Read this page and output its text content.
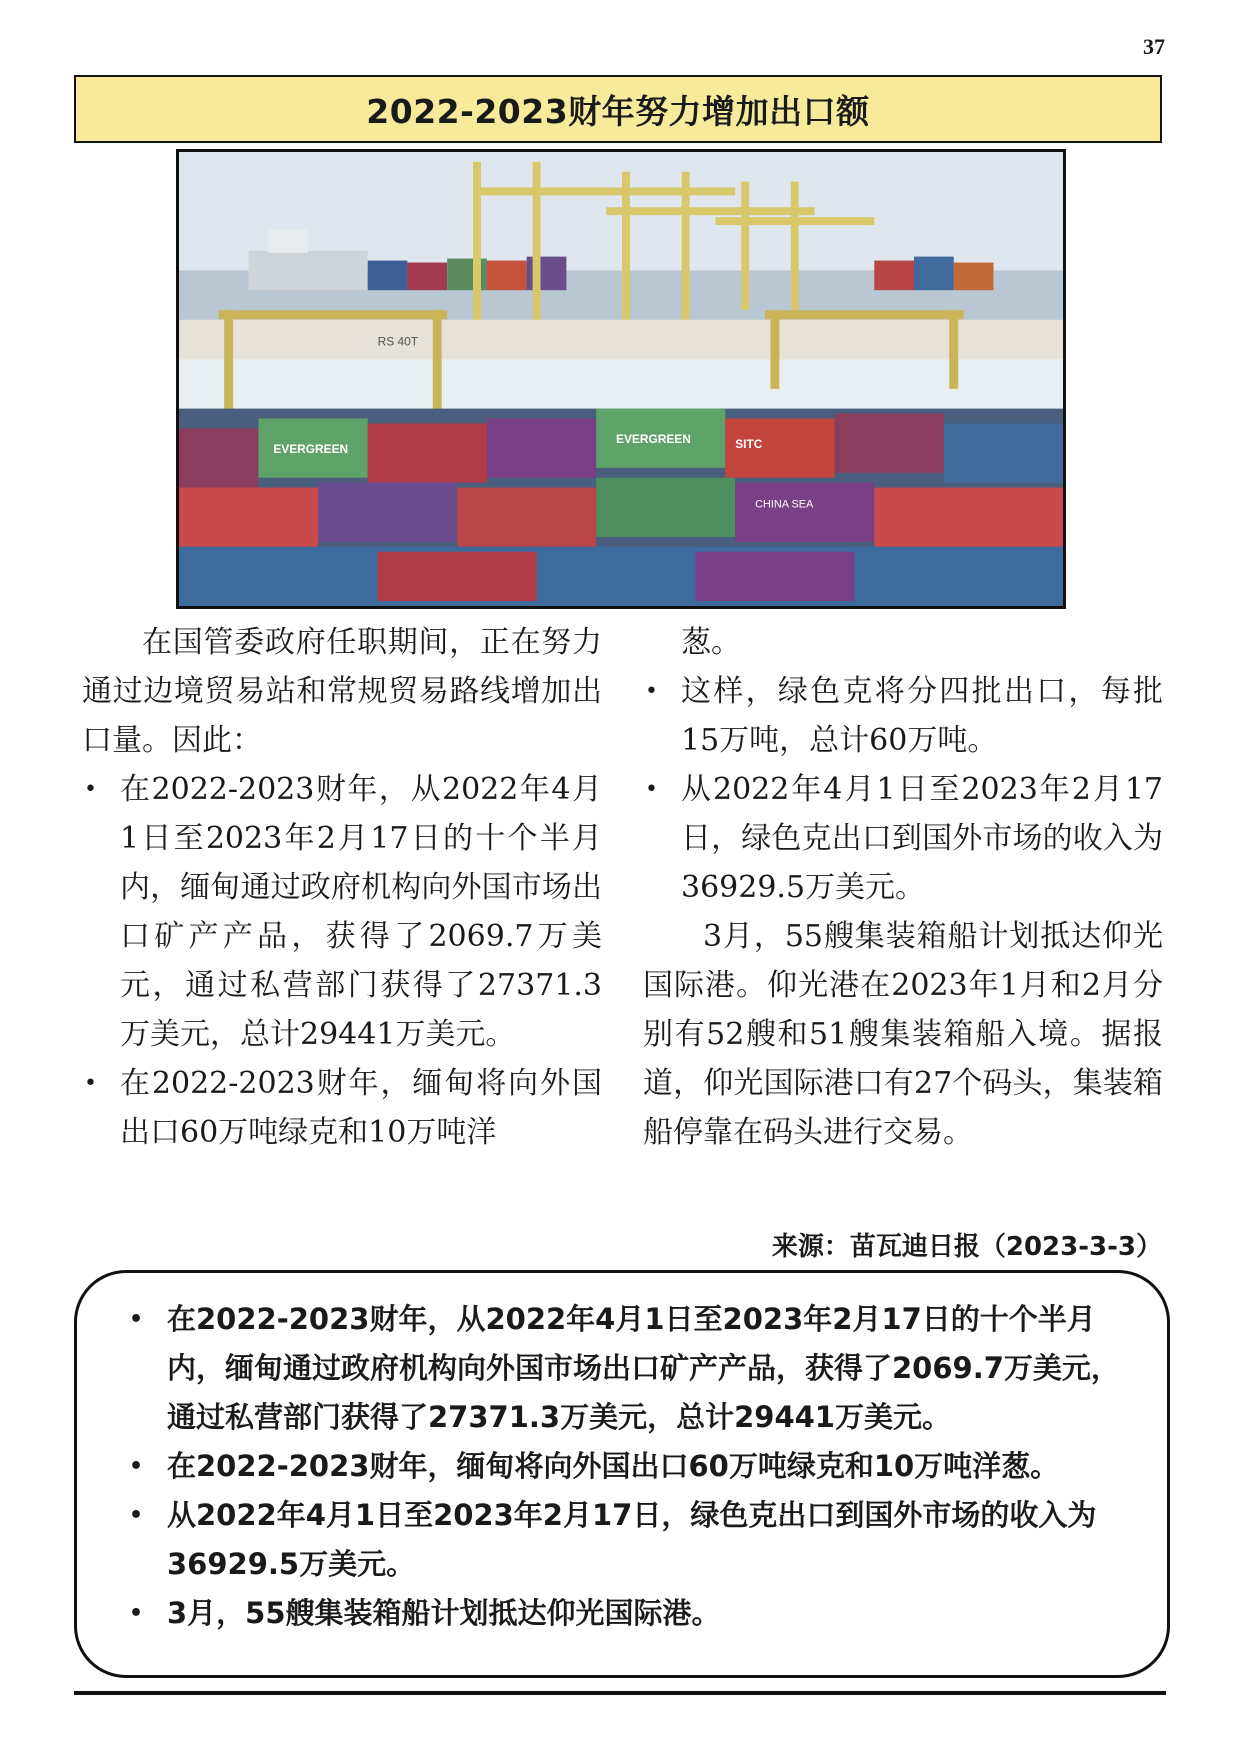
37
2022-2023财年努力增加出口额
RS 40T
EVERGREEN
EVERGREEN
CHINA SEA
SITC

在国管委政府任职期间，正在努力通过边境贸易站和常规贸易路线增加出口量。因此：

• 在2022-2023财年，从2022年4月1日至2023年2月17日的十个半月内，缅甸通过政府机构向外国市场出口矿产产品，获得了2069.7万美元，通过私营部门获得了27371.3万美元，总计29441万美元。
• 在2022-2023财年，缅甸将向外国出口60万吨绿克和10万吨洋

葱。

• 这样，绿色克将分四批出口，每批15万吨，总计60万吨。
• 从2022年4月1日至2023年2月17日，绿色克出口到国外市场的收入为36929.5万美元。

3月，55艘集装箱船计划抵达仰光国际港。仰光港在2023年1月和2月分别有52艘和51艘集装箱船入境。据报道，仰光国际港口有27个码头，集装箱船停靠在码头进行交易。

来源：苗瓦迪日报（2023-3-3）
• 在2022-2023财年，从2022年4月1日至2023年2月17日的十个半月内，缅甸通过政府机构向外国市场出口矿产产品，获得了2069.7万美元，通过私营部门获得了27371.3万美元，总计29441万美元。
• 在2022-2023财年，缅甸将向外国出口60万吨绿克和10万吨洋葱。
• 从2022年4月1日至2023年2月17日，绿色克出口到国外市场的收入为36929.5万美元。
• 3月，55艘集装箱船计划抵达仰光国际港。
